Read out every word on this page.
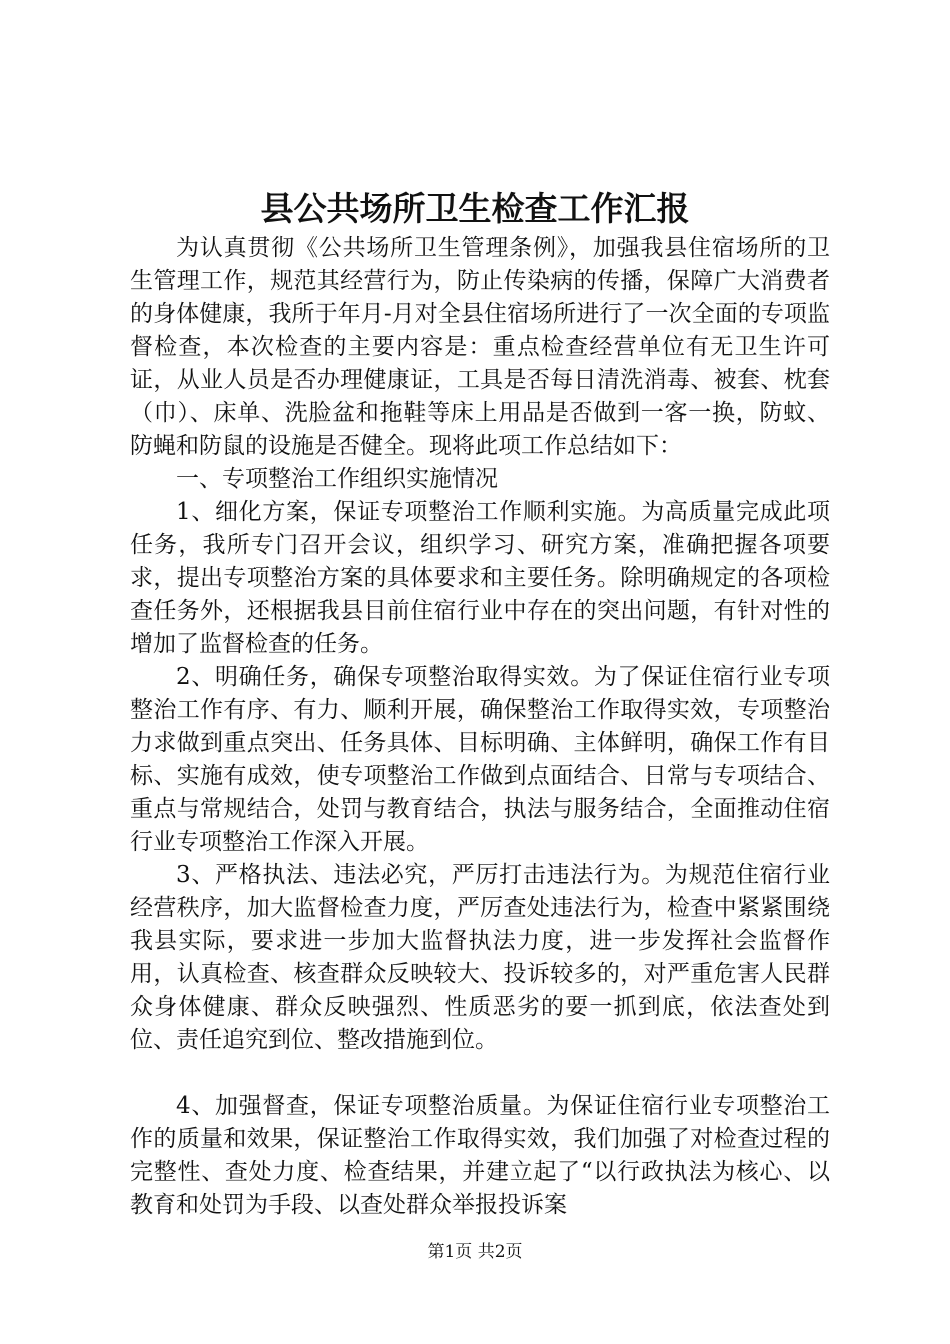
县公共场所卫生检查工作汇报

为认真贯彻《公共场所卫生管理条例》，加强我县住宿场所的卫生管理工作，规范其经营行为，防止传染病的传播，保障广大消费者的身体健康，我所于年月-月对全县住宿场所进行了一次全面的专项监督检查，本次检查的主要内容是：重点检查经营单位有无卫生许可证，从业人员是否办理健康证，工具是否每日清洗消毒、被套、枕套（巾）、床单、洗脸盆和拖鞋等床上用品是否做到一客一换，防蚊、防蝇和防鼠的设施是否健全。现将此项工作总结如下：

一、专项整治工作组织实施情况

1、细化方案，保证专项整治工作顺利实施。为高质量完成此项任务，我所专门召开会议，组织学习、研究方案，准确把握各项要求，提出专项整治方案的具体要求和主要任务。除明确规定的各项检查任务外，还根据我县目前住宿行业中存在的突出问题，有针对性的增加了监督检查的任务。

2、明确任务，确保专项整治取得实效。为了保证住宿行业专项整治工作有序、有力、顺利开展，确保整治工作取得实效，专项整治力求做到重点突出、任务具体、目标明确、主体鲜明，确保工作有目标、实施有成效，使专项整治工作做到点面结合、日常与专项结合、重点与常规结合，处罚与教育结合，执法与服务结合，全面推动住宿行业专项整治工作深入开展。

3、严格执法、违法必究，严厉打击违法行为。为规范住宿行业经营秩序，加大监督检查力度，严厉查处违法行为，检查中紧紧围绕我县实际，要求进一步加大监督执法力度，进一步发挥社会监督作用，认真检查、核查群众反映较大、投诉较多的，对严重危害人民群众身体健康、群众反映强烈、性质恶劣的要一抓到底，依法查处到位、责任追究到位、整改措施到位。

4、加强督查，保证专项整治质量。为保证住宿行业专项整治工作的质量和效果，保证整治工作取得实效，我们加强了对检查过程的完整性、查处力度、检查结果，并建立起了“以行政执法为核心、以教育和处罚为手段、以查处群众举报投诉案

第1页 共2页
